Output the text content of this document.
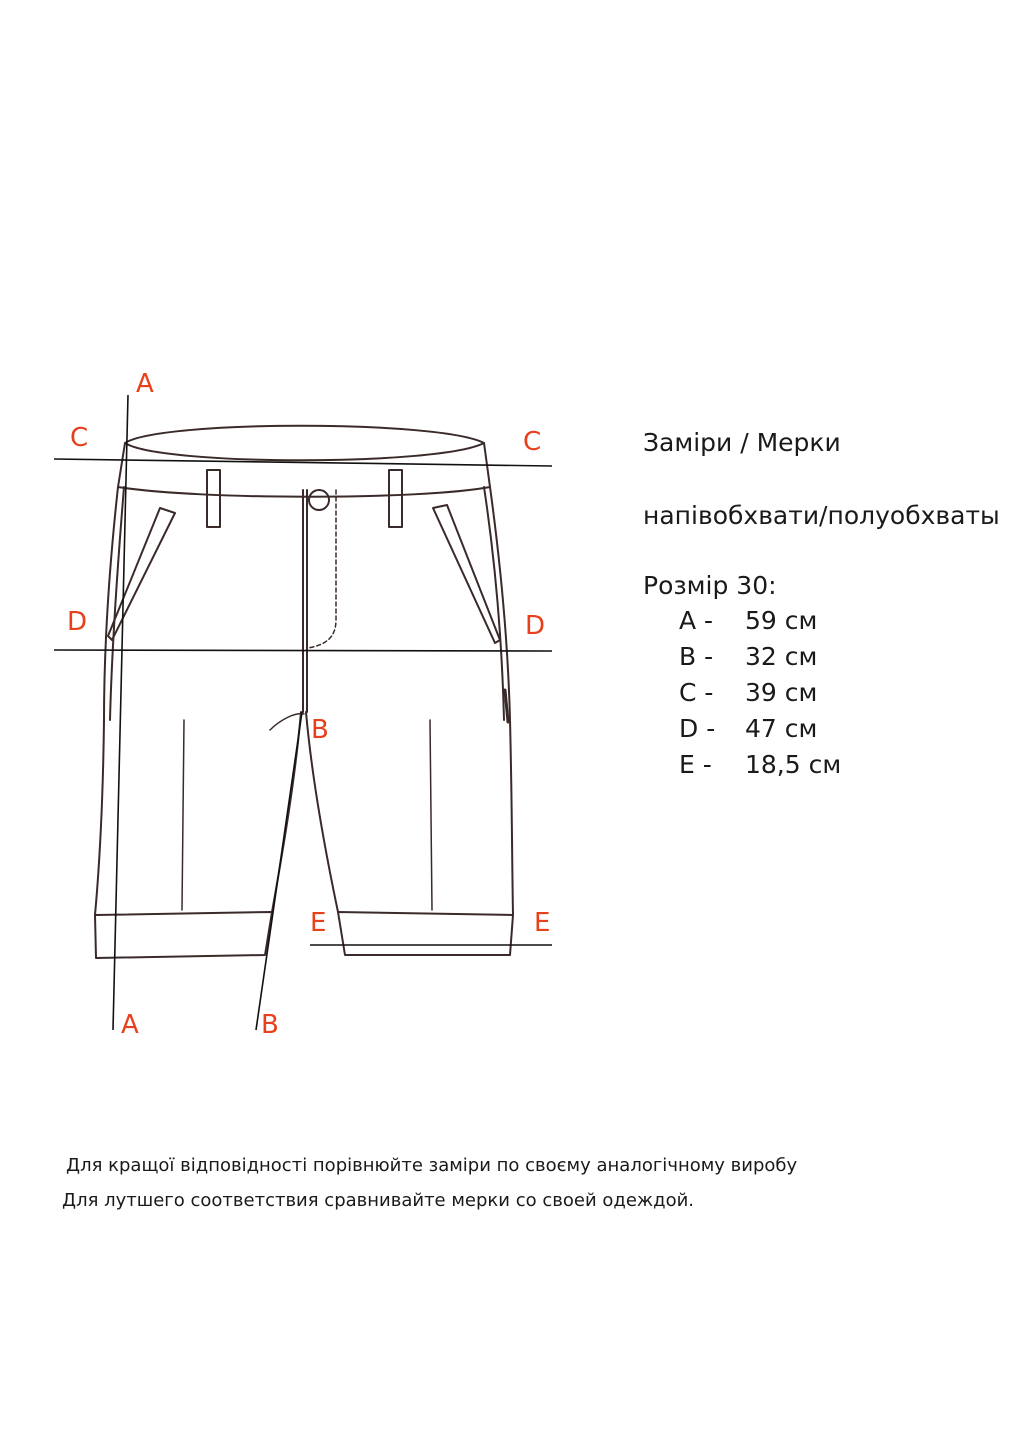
A
A
B
B
C	C
D	D
E	E
Заміри / Мерки
напівобхвати/полуобхваты
Розмір 30:
A - 59 см
B - 32 см
C - 39 см
D - 47 см
E - 18,5 см
Для кращої відповідності порівнюйте заміри по своєму аналогічному виробу
Для лутшего соответствия сравнивайте мерки со своей одеждой.
